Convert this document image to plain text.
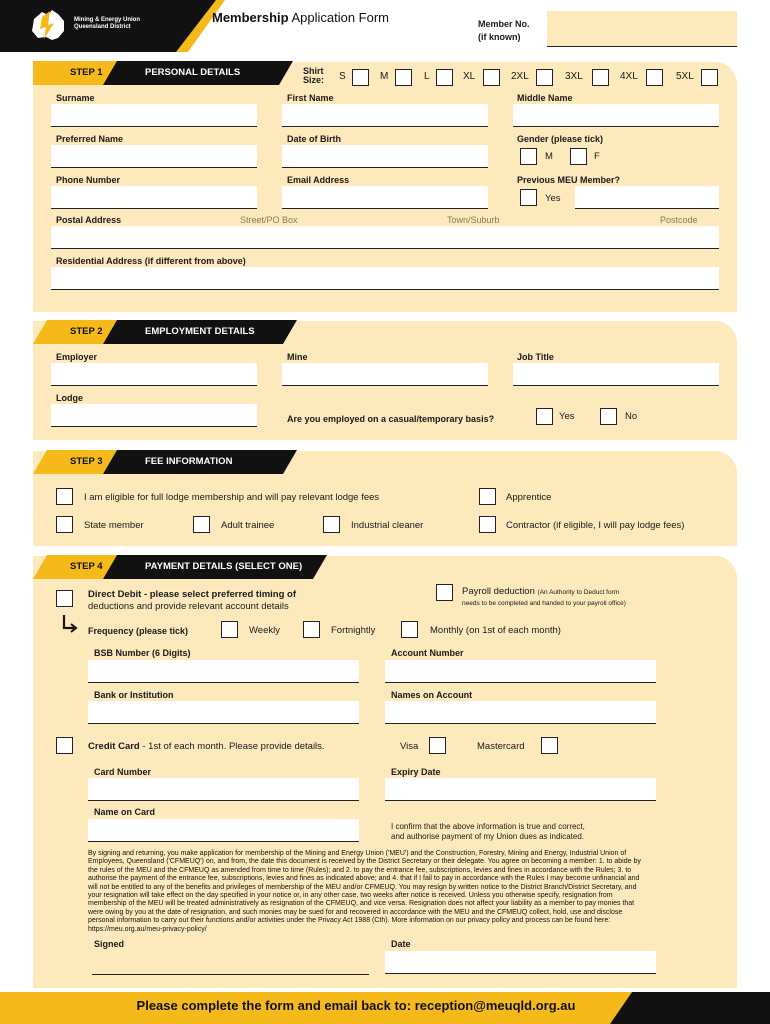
Mining & Energy Union
Queensland District
Membership Application Form	Member No.
(if known)
STEP 1	PERSONAL DETAILS	Shirt
Size: S	M	L	XL	2XL	3XL	4XL	5XL
Surname	First Name	Middle Name
Preferred Name	Date of Birth	Gender (please tick)
M	F
Phone Number	Email Address	Previous MEU Member?
Yes
Postal Address	Street/PO Box	Town/Suburb	Postcode
Residential Address (if different from above)
STEP 2	EMPLOYMENT DETAILS
Employer	Mine	Job Title
Lodge
Are you employed on a casual/temporary basis?	Yes	No
STEP 3	FEE INFORMATION
I am eligible for full lodge membership and will pay relevant lodge fees	Apprentice
State member	Adult trainee	Industrial cleaner	Contractor (if eligible, I will pay lodge fees)
STEP 4	PAYMENT DETAILS (SELECT ONE)
Direct Debit - please select preferred timing of
deductions and provide relevant account details
Payroll deduction (An Authority to Deduct form
needs to be completed and handed to your payroll office)
Frequency (please tick)	Weekly	Fortnightly	Monthly (on 1st of each month)
BSB Number (6 Digits)	Account Number
Bank or Institution	Names on Account
Credit Card - 1st of each month. Please provide details.	Visa	Mastercard
Card Number	Expiry Date
Name on Card
I confirm that the above information is true and correct,
and authorise payment of my Union dues as indicated.
By signing and returning, you make application for membership of the Mining and Energy Union ('MEU') and the Construction, Forestry, Mining and Energy, Industrial Union of Employees, Queensland ('CFMEUQ') on, and from, the date this document is received by the District Secretary or their delegate. You agree on becoming a member: 1. to abide by the rules of the MEU and the CFMEUQ as amended from time to time (Rules); and 2. to pay the entrance fee, subscriptions, levies and fines in accordance with the Rules; 3. to authorise the payment of the entrance fee, subscriptions, levies and fines as indicated above; and 4. that if I fail to pay in accordance with the Rules I may become unfinancial and will not be entitled to any of the benefits and privileges of membership of the MEU and/or CFMEUQ. You may resign by written notice to the District Branch/District Secretary, and your resignation will take effect on the day specified in your notice or, in any other case, two weeks after notice is received. Unless you otherwise specify, resignation from membership of the MEU will be treated administratively as resignation of the CFMEUQ, and vice versa. Resignation does not affect your liability as a member to pay monies that were owing by you at the date of resignation, and such monies may be sued for and recovered in accordance with the MEU and the CFMEUQ collect, hold, use and disclose personal information to carry out their functions and/or activities under the Privacy Act 1988 (Cth). More information on our privacy policy and process can be found here: https://meu.org.au/meu-privacy-policy/
Signed	Date
Please complete the form and email back to: reception@meuqld.org.au
